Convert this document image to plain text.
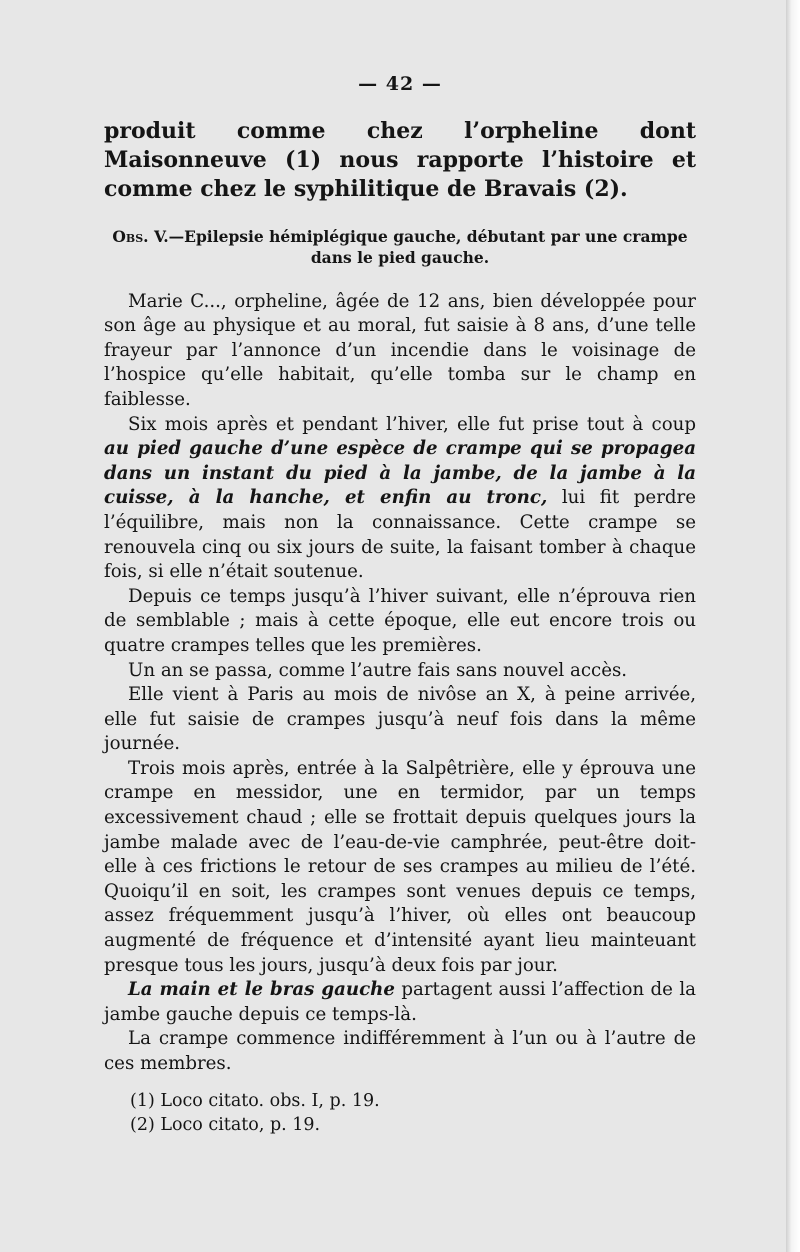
— 42 —

produit comme chez l’orpheline dont Maisonneuve (1) nous rapporte l’histoire et comme chez le syphilitique de Bravais (2).

Obs. V.—Epilepsie hémiplégique gauche, débutant par une crampe dans le pied gauche.

Marie C..., orpheline, âgée de 12 ans, bien développée pour son âge au physique et au moral, fut saisie à 8 ans, d’une telle frayeur par l’annonce d’un incendie dans le voisinage de l’hospice qu’elle habitait, qu’elle tomba sur le champ en faiblesse.

Six mois après et pendant l’hiver, elle fut prise tout à coup au pied gauche d’une espèce de crampe qui se propagea dans un instant du pied à la jambe, de la jambe à la cuisse, à la hanche, et enfin au tronc, lui fit perdre l’équilibre, mais non la connaissance. Cette crampe se renouvela cinq ou six jours de suite, la faisant tomber à chaque fois, si elle n’était soutenue.

Depuis ce temps jusqu’à l’hiver suivant, elle n’éprouva rien de semblable ; mais à cette époque, elle eut encore trois ou quatre crampes telles que les premières.

Un an se passa, comme l’autre fais sans nouvel accès.

Elle vient à Paris au mois de nivôse an X, à peine arrivée, elle fut saisie de crampes jusqu’à neuf fois dans la même journée.

Trois mois après, entrée à la Salpêtrière, elle y éprouva une crampe en messidor, une en termidor, par un temps excessivement chaud ; elle se frottait depuis quelques jours la jambe malade avec de l’eau-de-vie camphrée, peut-être doit-elle à ces frictions le retour de ses crampes au milieu de l’été. Quoiqu’il en soit, les crampes sont venues depuis ce temps, assez fréquemment jusqu’à l’hiver, où elles ont beaucoup augmenté de fréquence et d’intensité ayant lieu mainteuant presque tous les jours, jusqu’à deux fois par jour.

La main et le bras gauche partagent aussi l’affection de la jambe gauche depuis ce temps-là.

La crampe commence indifféremment à l’un ou à l’autre de ces membres.

(1) Loco citato. obs. I, p. 19.
(2) Loco citato, p. 19.
